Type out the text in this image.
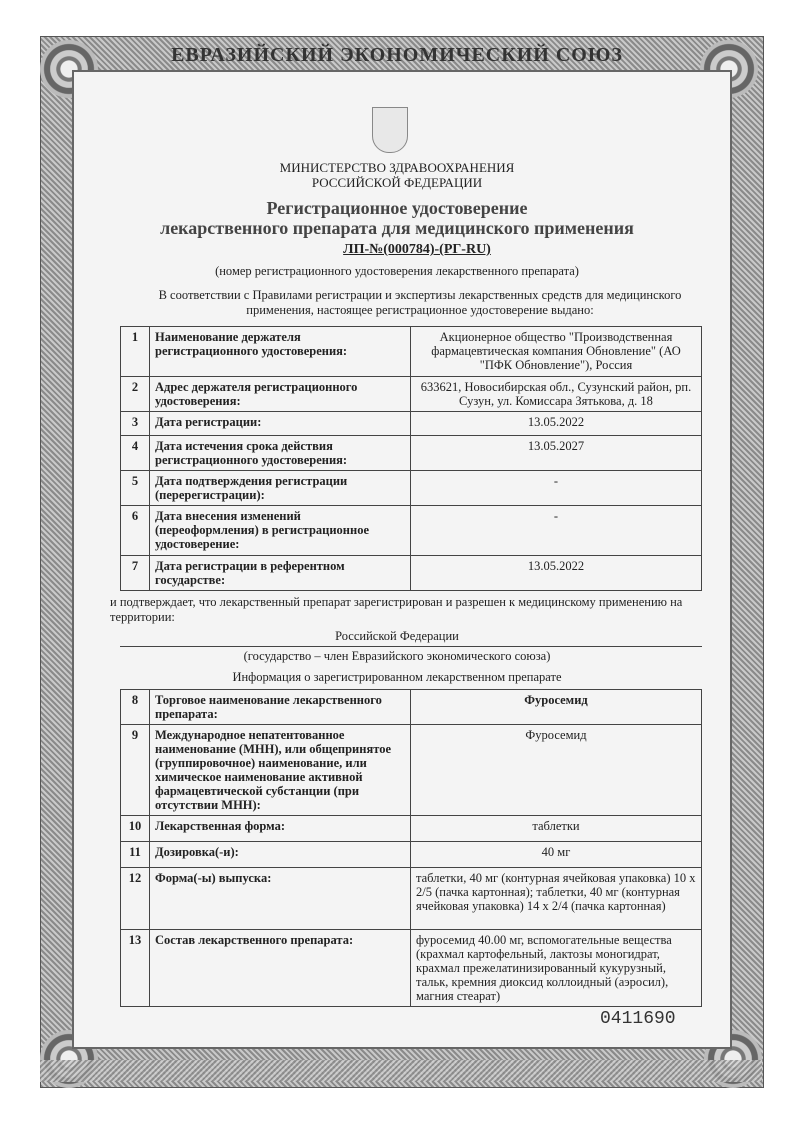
ЕВРАЗИЙСКИЙ ЭКОНОМИЧЕСКИЙ СОЮЗ
МИНИСТЕРСТВО ЗДРАВООХРАНЕНИЯ
РОССИЙСКОЙ ФЕДЕРАЦИИ
Регистрационное удостоверение
лекарственного препарата для медицинского применения
ЛП-№(000784)-(РГ-RU)
(номер регистрационного удостоверения лекарственного препарата)
В соответствии с Правилами регистрации и экспертизы лекарственных средств для медицинского применения, настоящее регистрационное удостоверение выдано:
1	Наименование держателя регистрационного удостоверения:	Акционерное общество "Производственная фармацевтическая компания Обновление" (АО "ПФК Обновление"), Россия
2	Адрес держателя регистрационного удостоверения:	633621, Новосибирская обл., Сузунский район, рп. Сузун, ул. Комиссара Зятькова, д. 18
3	Дата регистрации:	13.05.2022
4	Дата истечения срока действия регистрационного удостоверения:	13.05.2027
5	Дата подтверждения регистрации (перерегистрации):	-
6	Дата внесения изменений (переоформления) в регистрационное удостоверение:	-
7	Дата регистрации в референтном государстве:	13.05.2022
и подтверждает, что лекарственный препарат зарегистрирован и разрешен к медицинскому применению на территории:
Российской Федерации
(государство – член Евразийского экономического союза)
Информация о зарегистрированном лекарственном препарате
8	Торговое наименование лекарственного препарата:	Фуросемид
9	Международное непатентованное наименование (МНН), или общепринятое (группировочное) наименование, или химическое наименование активной фармацевтической субстанции (при отсутствии МНН):	Фуросемид
10	Лекарственная форма:	таблетки
11	Дозировка(-и):	40 мг
12	Форма(-ы) выпуска:	таблетки, 40 мг (контурная ячейковая упаковка) 10 x 2/5 (пачка картонная); таблетки, 40 мг (контурная ячейковая упаковка) 14 x 2/4 (пачка картонная)
13	Состав лекарственного препарата:	фуросемид 40.00 мг, вспомогательные вещества (крахмал картофельный, лактозы моногидрат, крахмал прежелатинизированный кукурузный, тальк, кремния диоксид коллоидный (аэросил), магния стеарат)
0411690
